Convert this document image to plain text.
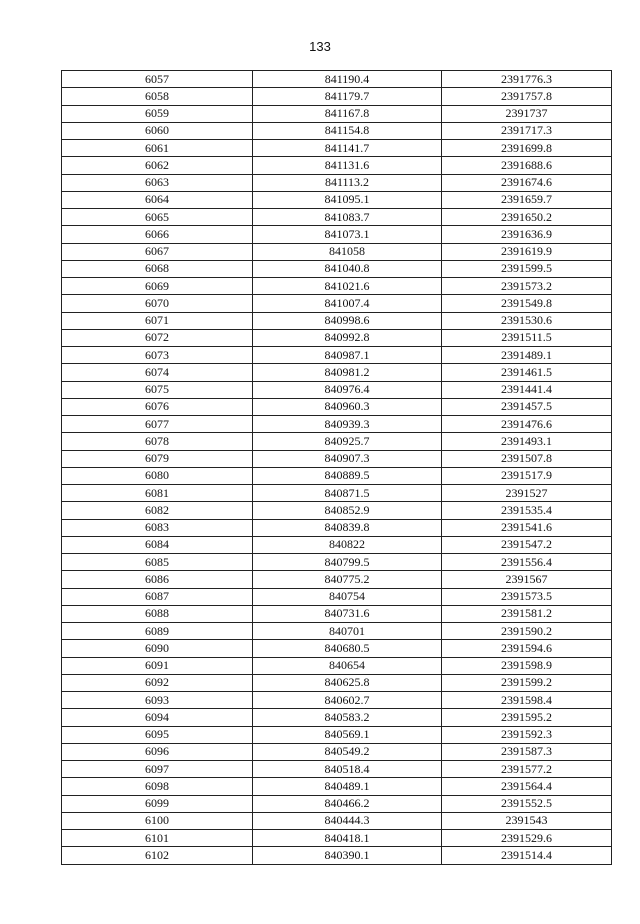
133
6057	841190.4	2391776.3
6058	841179.7	2391757.8
6059	841167.8	2391737
6060	841154.8	2391717.3
6061	841141.7	2391699.8
6062	841131.6	2391688.6
6063	841113.2	2391674.6
6064	841095.1	2391659.7
6065	841083.7	2391650.2
6066	841073.1	2391636.9
6067	841058	2391619.9
6068	841040.8	2391599.5
6069	841021.6	2391573.2
6070	841007.4	2391549.8
6071	840998.6	2391530.6
6072	840992.8	2391511.5
6073	840987.1	2391489.1
6074	840981.2	2391461.5
6075	840976.4	2391441.4
6076	840960.3	2391457.5
6077	840939.3	2391476.6
6078	840925.7	2391493.1
6079	840907.3	2391507.8
6080	840889.5	2391517.9
6081	840871.5	2391527
6082	840852.9	2391535.4
6083	840839.8	2391541.6
6084	840822	2391547.2
6085	840799.5	2391556.4
6086	840775.2	2391567
6087	840754	2391573.5
6088	840731.6	2391581.2
6089	840701	2391590.2
6090	840680.5	2391594.6
6091	840654	2391598.9
6092	840625.8	2391599.2
6093	840602.7	2391598.4
6094	840583.2	2391595.2
6095	840569.1	2391592.3
6096	840549.2	2391587.3
6097	840518.4	2391577.2
6098	840489.1	2391564.4
6099	840466.2	2391552.5
6100	840444.3	2391543
6101	840418.1	2391529.6
6102	840390.1	2391514.4
